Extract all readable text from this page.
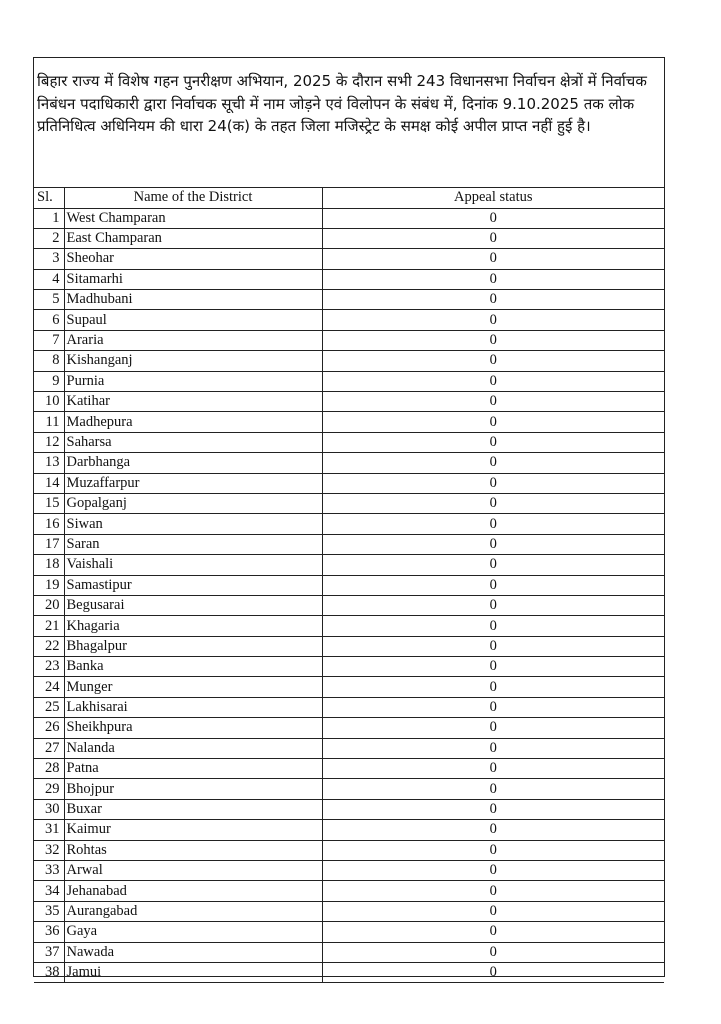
बिहार राज्य में विशेष गहन पुनरीक्षण अभियान, 2025 के दौरान सभी 243 विधानसभा निर्वाचन क्षेत्रों में निर्वाचक निबंधन पदाधिकारी द्वारा निर्वाचक सूची में नाम जोड़ने एवं विलोपन के संबंध में, दिनांक 9.10.2025 तक लोक प्रतिनिधित्व अधिनियम की धारा 24(क) के तहत जिला मजिस्ट्रेट के समक्ष कोई अपील प्राप्त नहीं हुई है।
Sl.	Name of the District	Appeal status
1	West Champaran	0
2	East Champaran	0
3	Sheohar	0
4	Sitamarhi	0
5	Madhubani	0
6	Supaul	0
7	Araria	0
8	Kishanganj	0
9	Purnia	0
10	Katihar	0
11	Madhepura	0
12	Saharsa	0
13	Darbhanga	0
14	Muzaffarpur	0
15	Gopalganj	0
16	Siwan	0
17	Saran	0
18	Vaishali	0
19	Samastipur	0
20	Begusarai	0
21	Khagaria	0
22	Bhagalpur	0
23	Banka	0
24	Munger	0
25	Lakhisarai	0
26	Sheikhpura	0
27	Nalanda	0
28	Patna	0
29	Bhojpur	0
30	Buxar	0
31	Kaimur	0
32	Rohtas	0
33	Arwal	0
34	Jehanabad	0
35	Aurangabad	0
36	Gaya	0
37	Nawada	0
38	Jamui	0
